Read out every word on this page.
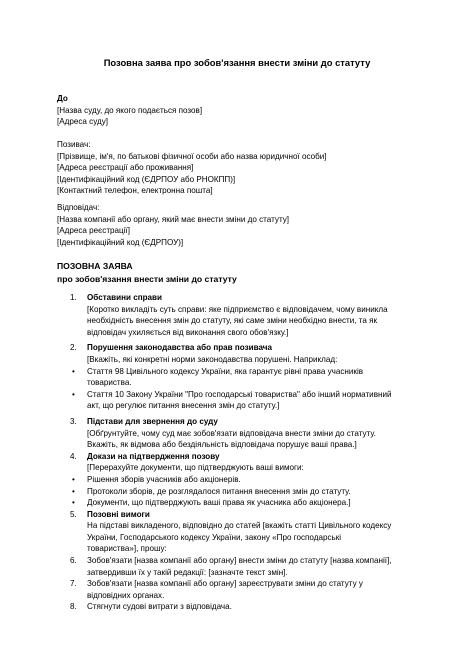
Позовна заява про зобов'язання внести зміни до статуту
До
[Назва суду, до якого подається позов]
[Адреса суду]
Позивач:
[Прізвище, ім'я, по батькові фізичної особи або назва юридичної особи]
[Адреса реєстрації або проживання]
[Ідентифікаційний код (ЄДРПОУ або РНОКПП)]
[Контактний телефон, електронна пошта]
Відповідач:
[Назва компанії або органу, який має внести зміни до статуту]
[Адреса реєстрації]
[Ідентифікаційний код (ЄДРПОУ)]
ПОЗОВНА ЗАЯВА
про зобов'язання внести зміни до статуту
1. Обставини справи
[Коротко викладіть суть справи: яке підприємство є відповідачем, чому виникла
необхідність внесення змін до статуту, які саме зміни необхідно внести, та як
відповідач ухиляється від виконання свого обов'язку.]
2. Порушення законодавства або прав позивача
[Вкажіть, які конкретні норми законодавства порушені. Наприклад:
• Стаття 98 Цивільного кодексу України, яка гарантує рівні права учасників
товариства.
• Стаття 10 Закону України "Про господарські товариства" або інший нормативний
акт, що регулює питання внесення змін до статуту.]
3. Підстави для звернення до суду
[Обґрунтуйте, чому суд має зобов'язати відповідача внести зміни до статуту.
Вкажіть, як відмова або бездіяльність відповідача порушує ваші права.]
4. Докази на підтвердження позову
[Перерахуйте документи, що підтверджують ваші вимоги:
• Рішення зборів учасників або акціонерів.
• Протоколи зборів, де розглядалося питання внесення змін до статуту.
• Документи, що підтверджують ваші права як учасника або акціонера.]
5. Позовні вимоги
На підставі викладеного, відповідно до статей [вкажіть статті Цивільного кодексу
України, Господарського кодексу України, закону «Про господарські
товариства»], прошу:
6. Зобов'язати [назва компанії або органу] внести зміни до статуту [назва компанії],
затвердивши їх у такій редакції: [зазначте текст змін].
7. Зобов'язати [назва компанії або органу] зареєструвати зміни до статуту у
відповідних органах.
8. Стягнути судові витрати з відповідача.
